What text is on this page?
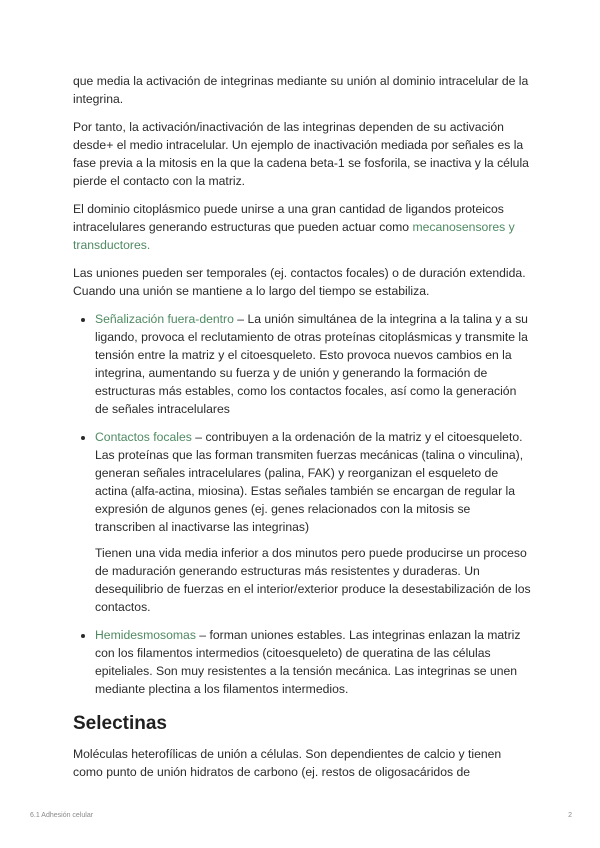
que media la activación de integrinas mediante su unión al dominio intracelular de la integrina.

Por tanto, la activación/inactivación de las integrinas dependen de su activación desde+ el medio intracelular. Un ejemplo de inactivación mediada por señales es la fase previa a la mitosis en la que la cadena beta-1 se fosforila, se inactiva y la célula pierde el contacto con la matriz.

El dominio citoplásmico puede unirse a una gran cantidad de ligandos proteicos intracelulares generando estructuras que pueden actuar como mecanosensores y transductores.

Las uniones pueden ser temporales (ej. contactos focales) o de duración extendida. Cuando una unión se mantiene a lo largo del tiempo se estabiliza.

• Señalización fuera-dentro – La unión simultánea de la integrina a la talina y a su ligando, provoca el reclutamiento de otras proteínas citoplásmicas y transmite la tensión entre la matriz y el citoesqueleto. Esto provoca nuevos cambios en la integrina, aumentando su fuerza y de unión y generando la formación de estructuras más estables, como los contactos focales, así como la generación de señales intracelulares
• Contactos focales – contribuyen a la ordenación de la matriz y el citoesqueleto. Las proteínas que las forman transmiten fuerzas mecánicas (talina o vinculina), generan señales intracelulares (palina, FAK) y reorganizan el esqueleto de actina (alfa-actina, miosina). Estas señales también se encargan de regular la expresión de algunos genes (ej. genes relacionados con la mitosis se transcriben al inactivarse las integrinas)

Tienen una vida media inferior a dos minutos pero puede producirse un proceso de maduración generando estructuras más resistentes y duraderas. Un desequilibrio de fuerzas en el interior/exterior produce la desestabilización de los contactos.

• Hemidesmosomas – forman uniones estables. Las integrinas enlazan la matriz con los filamentos intermedios (citoesqueleto) de queratina de las células epiteliales. Son muy resistentes a la tensión mecánica. Las integrinas se unen mediante plectina a los filamentos intermedios.
Selectinas

Moléculas heterofílicas de unión a células. Son dependientes de calcio y tienen como punto de unión hidratos de carbono (ej. restos de oligosacáridos de

6.1 Adhesión celular	2
